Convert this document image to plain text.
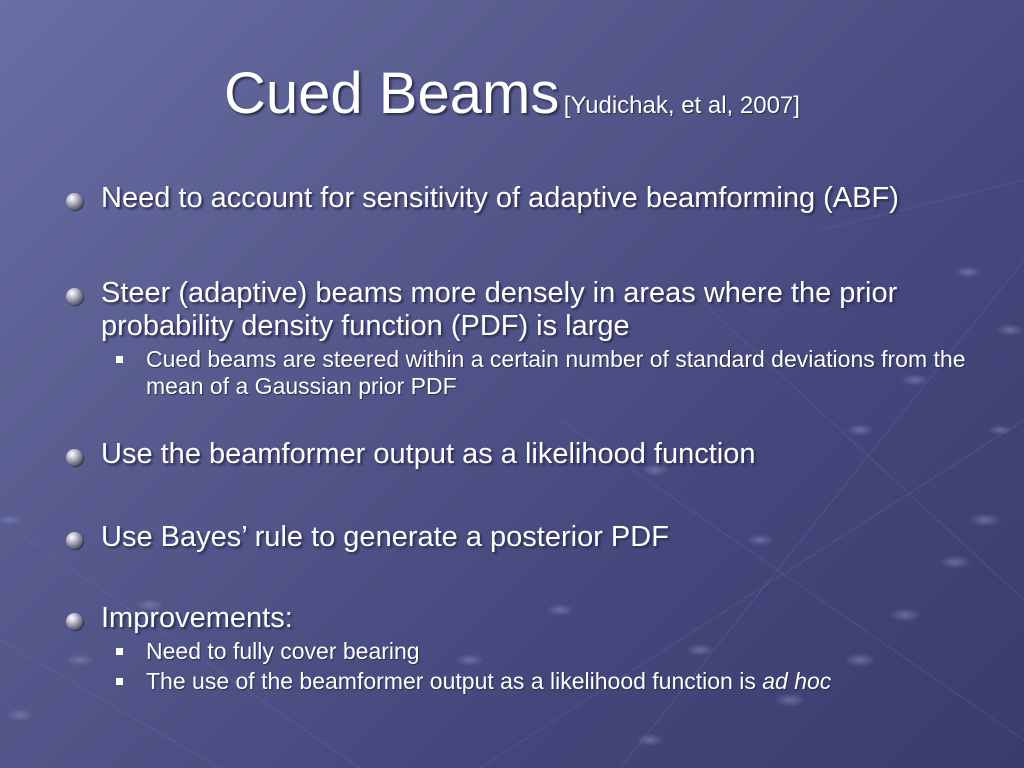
Cued Beams [Yudichak, et al, 2007]
Need to account for sensitivity of adaptive beamforming (ABF)
Steer (adaptive) beams more densely in areas where the prior probability density function (PDF) is large
Cued beams are steered within a certain number of standard deviations from the mean of a Gaussian prior PDF
Use the beamformer output as a likelihood function
Use Bayes’ rule to generate a posterior PDF
Improvements:
Need to fully cover bearing
The use of the beamformer output as a likelihood function is ad hoc
